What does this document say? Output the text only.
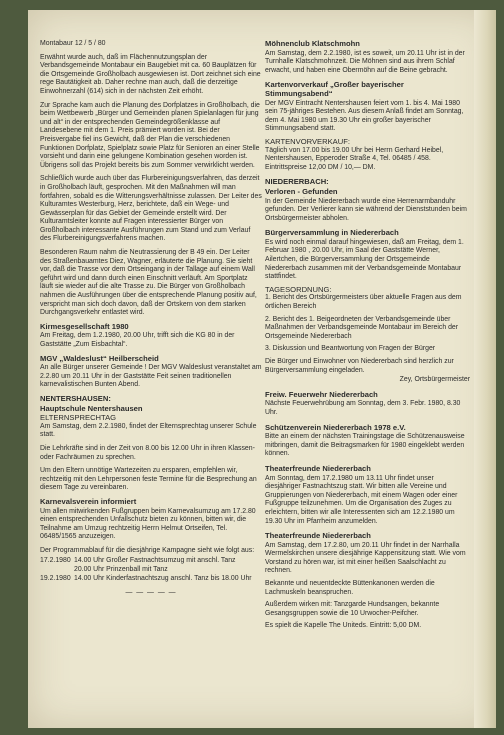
Montabaur 12 / 5 / 80

Erwähnt wurde auch, daß im Flächennutzungsplan der Verbandsgemeinde Montabaur ein Baugebiet mit ca. 60 Bauplätzen für die Ortsgemeinde Großholbach ausgewiesen ist. Dort zeichnet sich eine rege Bautätigkeit ab. Daher rechne man auch, daß die derzeitige Einwohnerzahl (614) sich in der nächsten Zeit erhöht.

Zur Sprache kam auch die Planung des Dorfplatzes in Großholbach, die beim Wettbewerb „Bürger und Gemeinden planen Spielanlagen für jung und alt“ in der entsprechenden Gemeindegrößenklasse auf Landesebene mit dem 1. Preis prämiert worden ist. Bei der Preisvergabe fiel ins Gewicht, daß der Plan die verschiedenen Funktionen Dorfplatz, Spielplatz sowie Platz für Senioren an einer Stelle vorsieht und darin eine gelungene Kombination gesehen worden ist. Übrigens soll das Projekt bereits bis zum Sommer verwirklicht werden.

Schließlich wurde auch über das Flurbereinigungsverfahren, das derzeit in Großholbach läuft, gesprochen. Mit den Maßnahmen will man fortfahren, sobald es die Witterungsverhältnisse zulassen. Der Leiter des Kulturamtes Westerburg, Herz, berichtete, daß ein Wege- und Gewässerplan für das Gebiet der Gemeinde erstellt wird. Der Kulturamtsleiter konnte auf Fragen interessierter Bürger von Großholbach interessante Ausführungen zum Stand und zum Verlauf des Flurbereinigungsverfahrens machen.

Besonderen Raum nahm die Neutrassierung der B 49 ein. Der Leiter des Straßenbauamtes Diez, Wagner, erläuterte die Planung. Sie sieht vor, daß die Trasse vor dem Ortseingang in der Tallage auf einem Wall geführt wird und dann durch einen Einschnitt verläuft. Am Sportplatz läuft sie wieder auf die alte Trasse zu. Die Bürger von Großholbach nahmen die Ausführungen über die entsprechende Planung positiv auf, verspricht man sich doch davon, daß der Ortskern von dem starken Durchgangsverkehr entlastet wird.

Kirmesgesellschaft 1980

Am Freitag, dem 1.2.1980, 20.00 Uhr, trifft sich die KG 80 in der Gaststätte „Zum Eisbachtal“.

MGV „Waldeslust“ Heilberscheid

An alle Bürger unserer Gemeinde ! Der MGV Waldeslust veranstaltet am 2.2.80 um 20.11 Uhr in der Gaststätte Feit seinen traditionellen karnevalistischen Bunten Abend.

NENTERSHAUSEN:
Hauptschule Nentershausen
ELTERNSPRECHTAG

Am Samstag, dem 2.2.1980, findet der Elternsprechtag unserer Schule statt.

Die Lehrkräfte sind in der Zeit von 8.00 bis 12.00 Uhr in ihren Klassen- oder Fachräumen zu sprechen.

Um den Eltern unnötige Wartezeiten zu ersparen, empfehlen wir, rechtzeitig mit den Lehrpersonen feste Termine für die Besprechung an diesem Tage zu vereinbaren.

Karnevalsverein informiert

Um allen mitwirkenden Fußgruppen beim Karnevalsumzug am 17.2.80 einen entsprechenden Unfallschutz bieten zu können, bitten wir, die Teilnahme am Umzug rechtzeitig Herrn Helmut Ortseifen, Tel. 06485/1565 anzuzeigen.

Der Programmablauf für die diesjährige Kampagne sieht wie folgt aus:

17.2.1980 14.00 Uhr Großer Fastnachtsumzug mit anschl. Tanz
20.00 Uhr Prinzenball mit Tanz
19.2.1980 14.00 Uhr Kinderfastnachtszug anschl. Tanz bis 18.00 Uhr
— — — — —
Möhnenclub Klatschmohn

Am Samstag, dem 2.2.1980, ist es soweit, um 20.11 Uhr ist in der Turnhalle Klatschmohnzeit. Die Möhnen sind aus ihrem Schlaf erwacht, und haben eine Obermöhn auf die Beine gebracht.

Kartenvorverkauf „Großer bayerischer Stimmungsabend“

Der MGV Eintracht Nentershausen feiert vom 1. bis 4. Mai 1980 sein 75-jähriges Bestehen. Aus diesem Anlaß findet am Sonntag, dem 4. Mai 1980 um 19.30 Uhr ein großer bayerischer Stimmungsabend statt.

KARTENVORVERKAUF:

Täglich von 17.00 bis 19.00 Uhr bei Herrn Gerhard Heibel, Nentershausen, Epperoder Straße 4, Tel. 06485 / 458. Eintrittspreise 12,00 DM / 10,— DM.

NIEDERERBACH:
Verloren - Gefunden

In der Gemeinde Niedererbach wurde eine Herrenarmbanduhr gefunden. Der Verlierer kann sie während der Dienststunden beim Ortsbürgermeister abholen.

Bürgerversammlung in Niedererbach

Es wird noch einmal darauf hingewiesen, daß am Freitag, dem 1. Februar 1980 , 20.00 Uhr, im Saal der Gaststätte Werner, Ailertchen, die Bürgerversammlung der Ortsgemeinde Niedererbach zusammen mit der Verbandsgemeinde Montabaur stattfindet.

TAGESORDNUNG:

1. Bericht des Ortsbürgermeisters über aktuelle Fragen aus dem örtlichen Bereich

2. Bericht des 1. Beigeordneten der Verbandsgemeinde über Maßnahmen der Verbandsgemeinde Montabaur im Bereich der Ortsgemeinde Niedererbach

3. Diskussion und Beantwortung von Fragen der Bürger

Die Bürger und Einwohner von Niedererbach sind herzlich zur Bürgerversammlung eingeladen.

Zey, Ortsbürgermeister

Freiw. Feuerwehr Niedererbach

Nächste Feuerwehrübung am Sonntag, dem 3. Febr. 1980, 8.30 Uhr.

Schützenverein Niedererbach 1978 e.V.

Bitte an einem der nächsten Trainingstage die Schützenausweise mitbringen, damit die Beitragsmarken für 1980 eingeklebt werden können.

Theaterfreunde Niedererbach

Am Sonntag, dem 17.2.1980 um 13.11 Uhr findet unser diesjähriger Fastnachtszug statt. Wir bitten alle Vereine und Gruppierungen von Niedererbach, mit einem Wagen oder einer Fußgruppe teilzunehmen. Um die Organisation des Zuges zu erleichtern, bitten wir alle Interessenten sich am 12.2.1980 um 19.30 Uhr im Pfarrheim anzumelden.

Theaterfreunde Niedererbach

Am Samstag, dem 17.2.80, um 20.11 Uhr findet in der Narrhalla Wermelskirchen unsere diesjährige Kappensitzung statt. Wie vom Vorstand zu hören war, ist mit einer heißen Saalschlacht zu rechnen.

Bekannte und neuentdeckte Büttenkanonen werden die Lachmuskeln beanspruchen.

Außerdem wirken mit: Tanzgarde Hundsangen, bekannte Gesangsgruppen sowie die 10 Urwocher-Peifcher.

Es spielt die Kapelle The Uniteds. Eintritt: 5,00 DM.
